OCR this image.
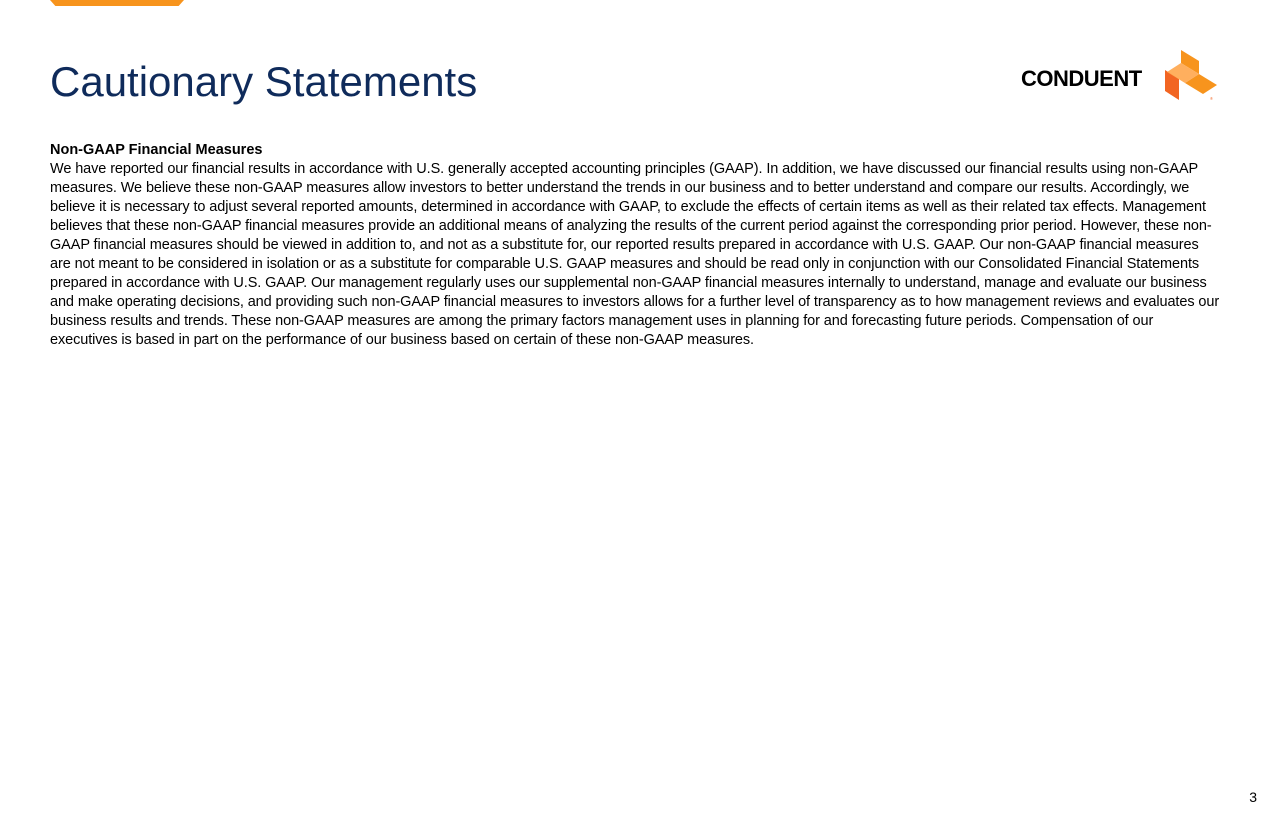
Cautionary Statements	CONDUENT
®

Non-GAAP Financial Measures

We have reported our financial results in accordance with U.S. generally accepted accounting principles (GAAP). In addition, we have discussed our financial results using non-GAAP measures. We believe these non-GAAP measures allow investors to better understand the trends in our business and to better understand and compare our results. Accordingly, we believe it is necessary to adjust several reported amounts, determined in accordance with GAAP, to exclude the effects of certain items as well as their related tax effects. Management believes that these non-GAAP financial measures provide an additional means of analyzing the results of the current period against the corresponding prior period. However, these non-GAAP financial measures should be viewed in addition to, and not as a substitute for, our reported results prepared in accordance with U.S. GAAP. Our non-GAAP financial measures are not meant to be considered in isolation or as a substitute for comparable U.S. GAAP measures and should be read only in conjunction with our Consolidated Financial Statements prepared in accordance with U.S. GAAP. Our management regularly uses our supplemental non-GAAP financial measures internally to understand, manage and evaluate our business and make operating decisions, and providing such non-GAAP financial measures to investors allows for a further level of transparency as to how management reviews and evaluates our business results and trends. These non-GAAP measures are among the primary factors management uses in planning for and forecasting future periods. Compensation of our executives is based in part on the performance of our business based on certain of these non-GAAP measures.

3
